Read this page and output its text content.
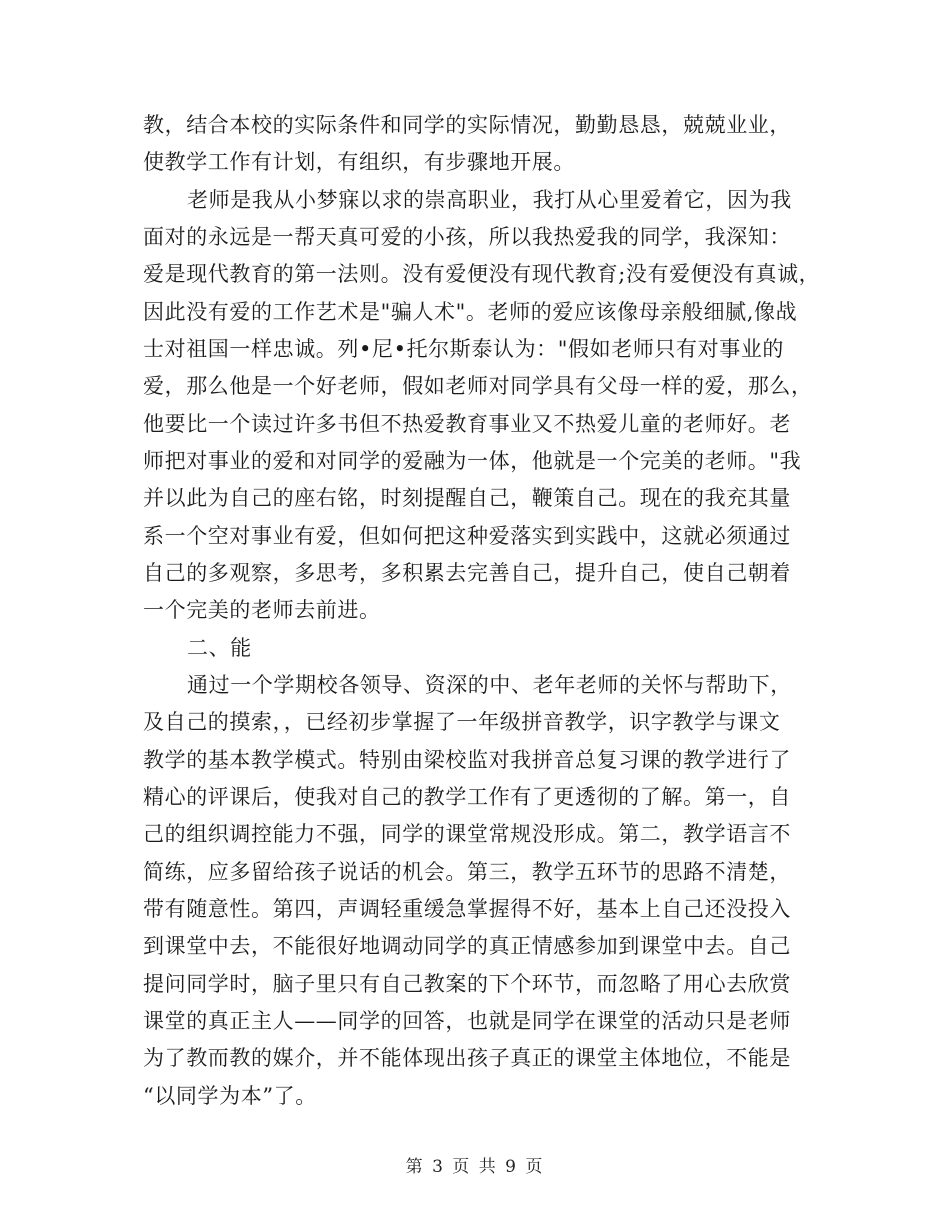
教，结合本校的实际条件和同学的实际情况，勤勤恳恳，兢兢业业，
使教学工作有计划，有组织，有步骤地开展。
老师是我从小梦寐以求的崇高职业，我打从心里爱着它，因为我
面对的永远是一帮天真可爱的小孩，所以我热爱我的同学，我深知：
爱是现代教育的第一法则。没有爱便没有现代教育;没有爱便没有真诚，
因此没有爱的工作艺术是"骗人术"。老师的爱应该像母亲般细腻,像战
士对祖国一样忠诚。列•尼•托尔斯泰认为："假如老师只有对事业的
爱，那么他是一个好老师，假如老师对同学具有父母一样的爱，那么，
他要比一个读过许多书但不热爱教育事业又不热爱儿童的老师好。老
师把对事业的爱和对同学的爱融为一体，他就是一个完美的老师。"我
并以此为自己的座右铭，时刻提醒自己，鞭策自己。现在的我充其量
系一个空对事业有爱，但如何把这种爱落实到实践中，这就必须通过
自己的多观察，多思考，多积累去完善自己，提升自己，使自己朝着
一个完美的老师去前进。
二、能
通过一个学期校各领导、资深的中、老年老师的关怀与帮助下，
及自己的摸索，，已经初步掌握了一年级拼音教学，识字教学与课文
教学的基本教学模式。特别由梁校监对我拼音总复习课的教学进行了
精心的评课后，使我对自己的教学工作有了更透彻的了解。第一，自
己的组织调控能力不强，同学的课堂常规没形成。第二，教学语言不
简练，应多留给孩子说话的机会。第三，教学五环节的思路不清楚，
带有随意性。第四，声调轻重缓急掌握得不好，基本上自己还没投入
到课堂中去，不能很好地调动同学的真正情感参加到课堂中去。自己
提问同学时，脑子里只有自己教案的下个环节，而忽略了用心去欣赏
课堂的真正主人——同学的回答，也就是同学在课堂的活动只是老师
为了教而教的媒介，并不能体现出孩子真正的课堂主体地位，不能是
“以同学为本”了。
第 3 页 共 9 页
